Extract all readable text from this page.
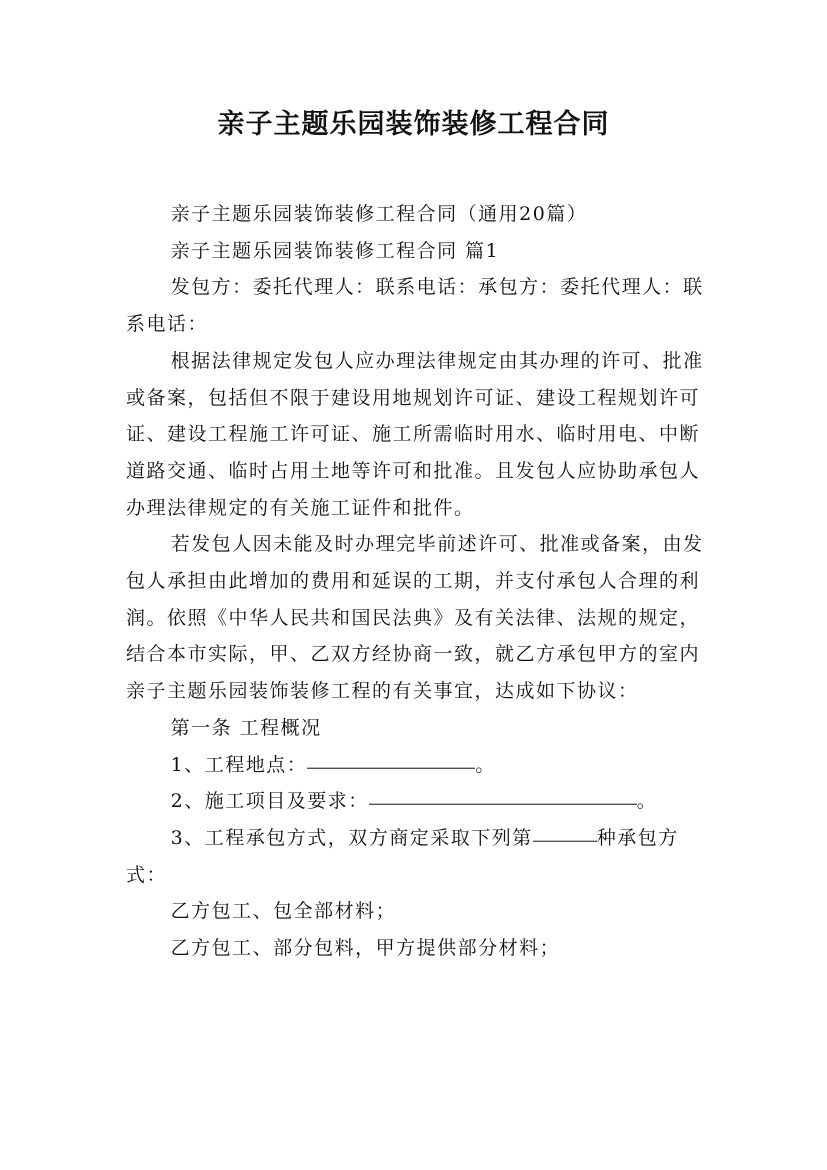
亲子主题乐园装饰装修工程合同

亲子主题乐园装饰装修工程合同（通用20篇）

亲子主题乐园装饰装修工程合同 篇1

发包方：委托代理人：联系电话：承包方：委托代理人：联系电话：

根据法律规定发包人应办理法律规定由其办理的许可、批准或备案，包括但不限于建设用地规划许可证、建设工程规划许可证、建设工程施工许可证、施工所需临时用水、临时用电、中断道路交通、临时占用土地等许可和批准。且发包人应协助承包人办理法律规定的有关施工证件和批件。

若发包人因未能及时办理完毕前述许可、批准或备案，由发包人承担由此增加的费用和延误的工期，并支付承包人合理的利润。依照《中华人民共和国民法典》及有关法律、法规的规定，结合本市实际，甲、乙双方经协商一致，就乙方承包甲方的室内亲子主题乐园装饰装修工程的有关事宜，达成如下协议：

第一条 工程概况

1、工程地点：	。

2、施工项目及要求：	。

3、工程承包方式，双方商定采取下列第	种承包方式：

乙方包工、包全部材料；

乙方包工、部分包料，甲方提供部分材料；
